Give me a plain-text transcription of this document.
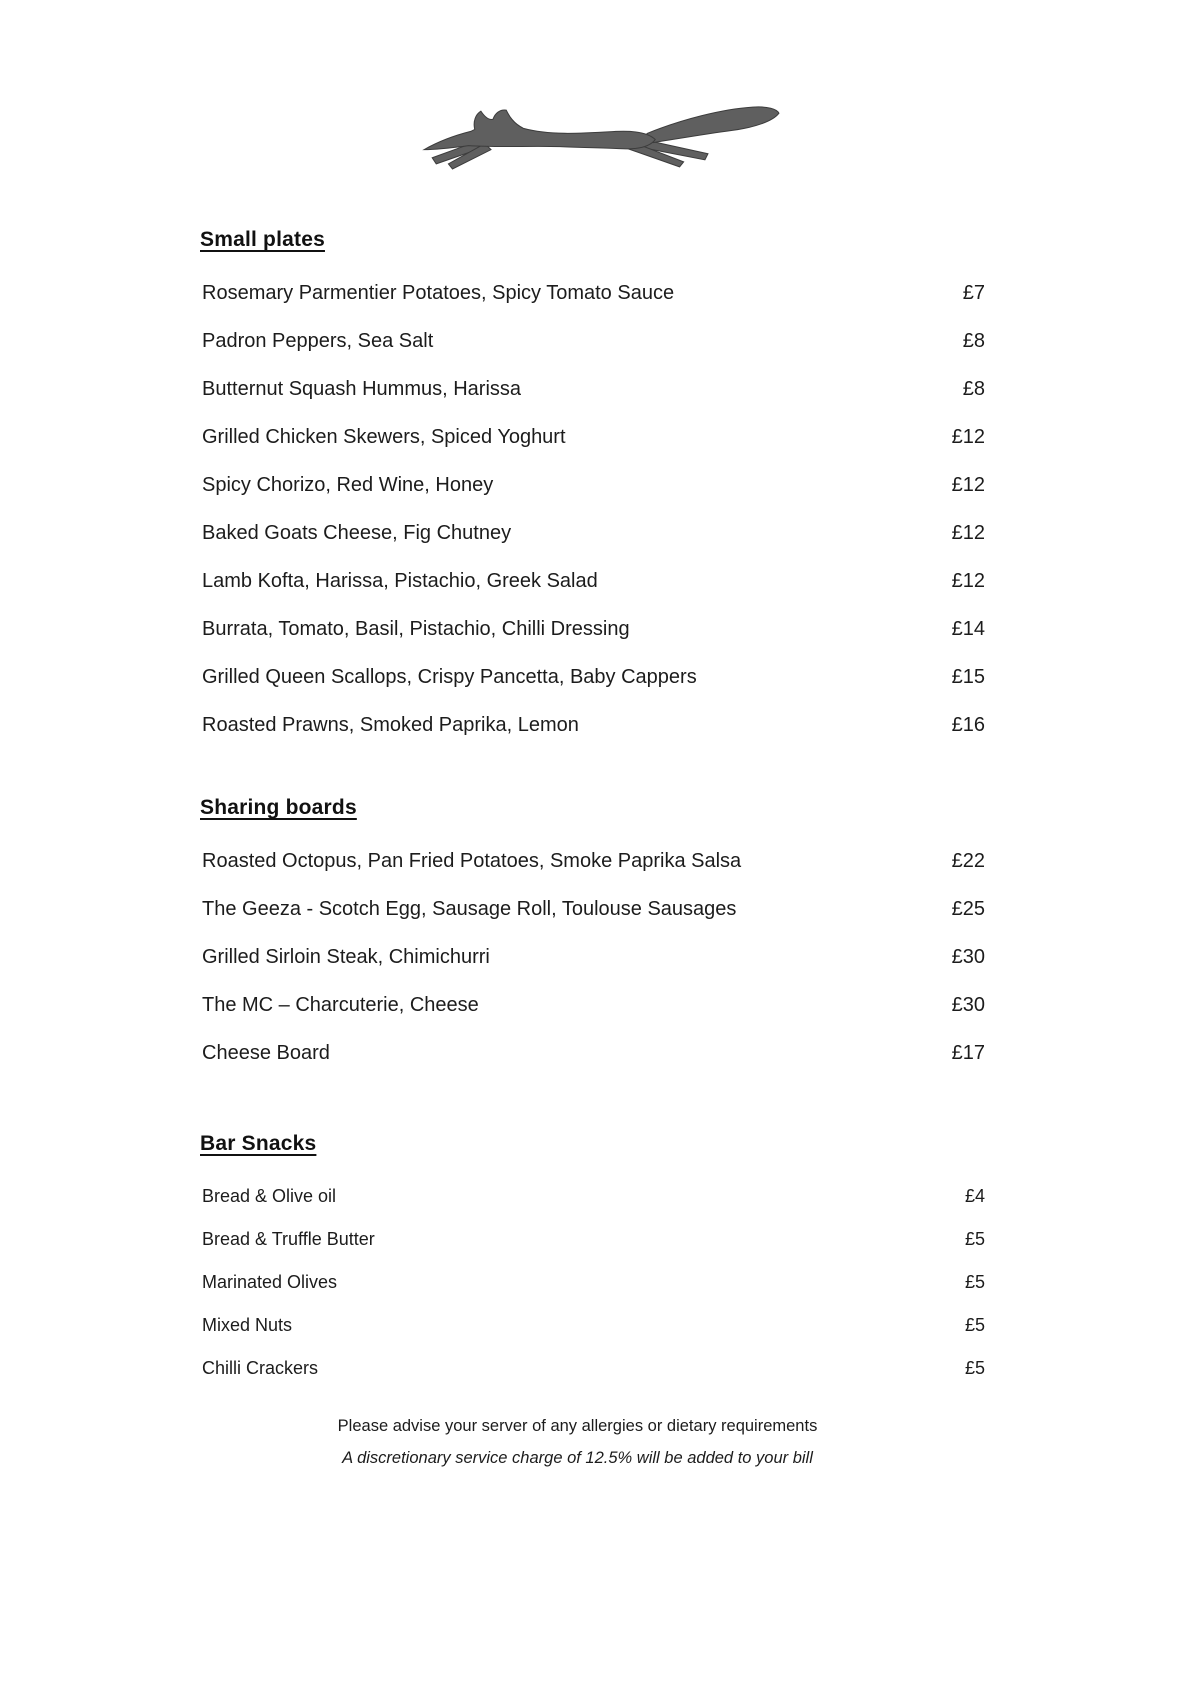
Small plates
Rosemary Parmentier Potatoes, Spicy Tomato Sauce	£7
Padron Peppers, Sea Salt	£8
Butternut Squash Hummus, Harissa	£8
Grilled Chicken Skewers, Spiced Yoghurt	£12
Spicy Chorizo, Red Wine, Honey	£12
Baked Goats Cheese, Fig Chutney	£12
Lamb Kofta, Harissa, Pistachio, Greek Salad	£12
Burrata, Tomato, Basil, Pistachio, Chilli Dressing	£14
Grilled Queen Scallops, Crispy Pancetta, Baby Cappers	£15
Roasted Prawns, Smoked Paprika, Lemon	£16
Sharing boards
Roasted Octopus, Pan Fried Potatoes, Smoke Paprika Salsa	£22
The Geeza - Scotch Egg, Sausage Roll, Toulouse Sausages	£25
Grilled Sirloin Steak, Chimichurri	£30
The MC – Charcuterie, Cheese	£30
Cheese Board	£17
Bar Snacks
Bread & Olive oil	£4
Bread & Truffle Butter	£5
Marinated Olives	£5
Mixed Nuts	£5
Chilli Crackers	£5
Please advise your server of any allergies or dietary requirements
A discretionary service charge of 12.5% will be added to your bill
